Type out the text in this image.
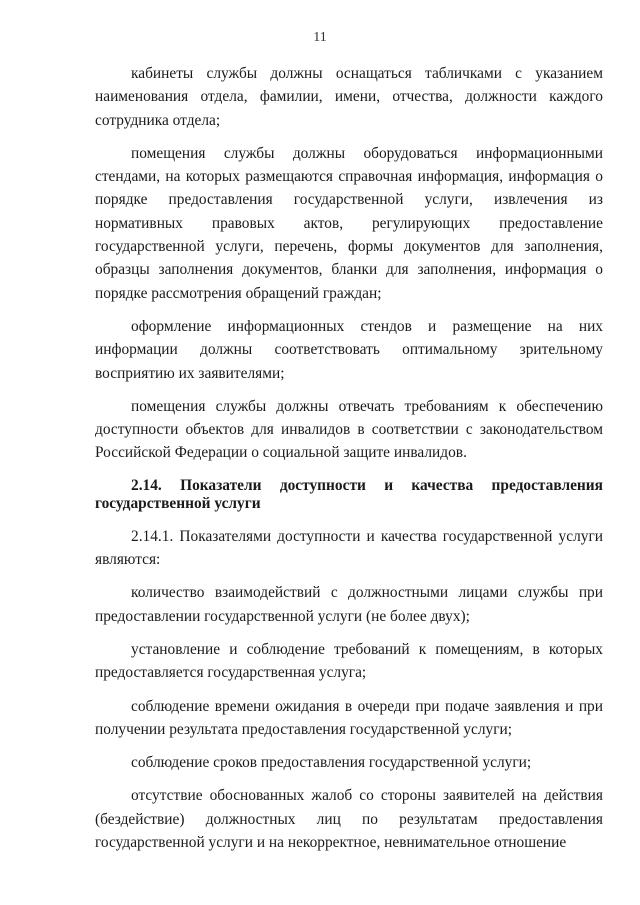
11

кабинеты службы должны оснащаться табличками с указанием наименования отдела, фамилии, имени, отчества, должности каждого сотрудника отдела;

помещения службы должны оборудоваться информационными стендами, на которых размещаются справочная информация, информация о порядке предоставления государственной услуги, извлечения из нормативных правовых актов, регулирующих предоставление государственной услуги, перечень, формы документов для заполнения, образцы заполнения документов, бланки для заполнения, информация о порядке рассмотрения обращений граждан;

оформление информационных стендов и размещение на них информации должны соответствовать оптимальному зрительному восприятию их заявителями;

помещения службы должны отвечать требованиям к обеспечению доступности объектов для инвалидов в соответствии с законодательством Российской Федерации о социальной защите инвалидов.

2.14. Показатели доступности и качества предоставления государственной услуги

2.14.1. Показателями доступности и качества государственной услуги являются:

количество взаимодействий с должностными лицами службы при предоставлении государственной услуги (не более двух);

установление и соблюдение требований к помещениям, в которых предоставляется государственная услуга;

соблюдение времени ожидания в очереди при подаче заявления и при получении результата предоставления государственной услуги;

соблюдение сроков предоставления государственной услуги;

отсутствие обоснованных жалоб со стороны заявителей на действия (бездействие) должностных лиц по результатам предоставления государственной услуги и на некорректное, невнимательное отношение
